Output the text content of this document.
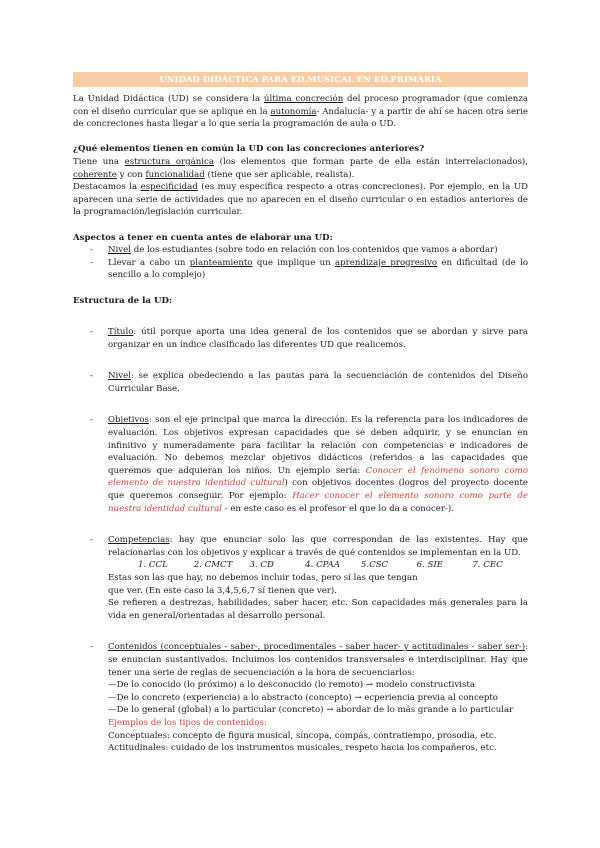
UNIDAD DIDÁCTICA PARA ED.MUSICAL EN ED.PRIMARIA

La Unidad Didáctica (UD) se considera la última concreción del proceso programador (que comienza con el diseño curricular que se aplique en la autonomía- Andalucía- y a partir de ahí se hacen otra serie de concreciones hasta llegar a lo que sería la programación de aula o UD.

¿Qué elementos tienen en común la UD con las concreciones anteriores?

Tiene una estructura orgánica (los elementos que forman parte de ella están interrelacionados), coherente y con funcionalidad (tiene que ser aplicable, realista).

Destacamos la especificidad (es muy específica respecto a otras concreciones). Por ejemplo, en la UD aparecen una serie de actividades que no aparecen en el diseño curricular o en estadios anteriores de la programación/legislación curricular.

Aspectos a tener en cuenta antes de elaborar una UD:

- Nivel de los estudiantes (sobre todo en relación con los contenidos que vamos a abordar)
- Llevar a cabo un planteamiento que implique un aprendizaje progresivo en dificultad (de lo sencillo a lo complejo)

Estructura de la UD:

- Título: útil porque aporta una idea general de los contenidos que se abordan y sirve para organizar en un índice clasificado las diferentes UD que realicemos.
- Nivel: se explica obedeciendo a las pautas para la secuenciación de contenidos del Diseño Curricular Base.
- Objetivos: son el eje principal que marca la dirección. Es la referencia para los indicadores de evaluación. Los objetivos expresan capacidades que se deben adquirir, y se enuncian en infinitivo y numeradamente para facilitar la relación con competencias e indicadores de evaluación. No debemos mezclar objetivos didácticos (referidos a las capacidades que queremos que adquieran los niños. Un ejemplo sería: Conocer el fenómeno sonoro como elemento de nuestra identidad cultural) con objetivos docentes (logros del proyecto docente que queremos conseguir. Por ejemplo: Hacer conocer el elemento sonoro como parte de nuestra identidad cultural - en este caso es el profesor el que lo da a conocer-).
- Competencias: hay que enunciar solo las que correspondan de las existentes. Hay que relacionarlas con los objetivos y explicar a través de qué contenidos se implementan en la UD.
1. CCL	2. CMCT	3. CD	4. CPAA	5.CSC	6. SIE	7. CEC
Estas son las que hay, no debemos incluir todas, pero sí las que tengan que ver. (En este caso la 3,4,5,6,7 sí tienen que ver).
Se refieren a destrezas, habilidades, saber hacer, etc. Son capacidades más generales para la vida en general/orientadas al desarrollo personal.
- Contenidos (conceptuales - saber-, procedimentales - saber hacer- y actitudinales - saber ser-): se enuncian sustantivados. Incluimos los contenidos transversales e interdisciplinar. Hay que tener una serie de reglas de secuenciación a la hora de secuenciarlos:
—De lo conocido (lo próximo) a lo desconocido (lo remoto) → modelo constructivista
—De lo concreto (experiencia) a lo abstracto (concepto) → ecperiencia previa al concepto
—De lo general (global) a lo particular (concreto) → abordar de lo más grande a lo particular
Ejemplos de los tipos de contenidos:
Conceptuales: concepto de figura musical, síncopa, compás, contratiempo, prosodia, etc.
Actitudinales: cuidado de los instrumentos musicales, respeto hacia los compañeros, etc.
